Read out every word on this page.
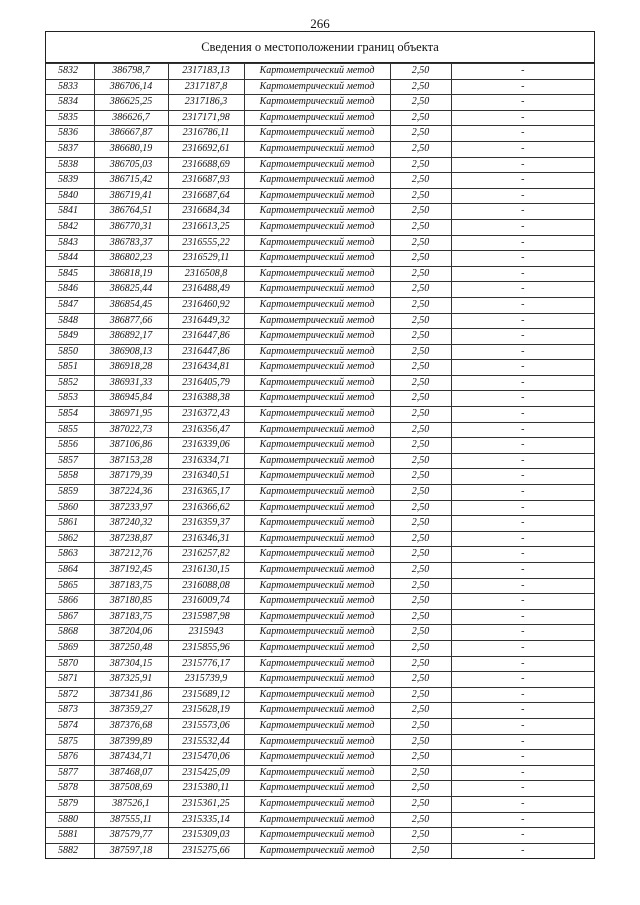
266
Сведения о местоположении границ объекта
5832	386798,7	2317183,13	Картометрический метод	2,50	-
5833	386706,14	2317187,8	Картометрический метод	2,50	-
5834	386625,25	2317186,3	Картометрический метод	2,50	-
5835	386626,7	2317171,98	Картометрический метод	2,50	-
5836	386667,87	2316786,11	Картометрический метод	2,50	-
5837	386680,19	2316692,61	Картометрический метод	2,50	-
5838	386705,03	2316688,69	Картометрический метод	2,50	-
5839	386715,42	2316687,93	Картометрический метод	2,50	-
5840	386719,41	2316687,64	Картометрический метод	2,50	-
5841	386764,51	2316684,34	Картометрический метод	2,50	-
5842	386770,31	2316613,25	Картометрический метод	2,50	-
5843	386783,37	2316555,22	Картометрический метод	2,50	-
5844	386802,23	2316529,11	Картометрический метод	2,50	-
5845	386818,19	2316508,8	Картометрический метод	2,50	-
5846	386825,44	2316488,49	Картометрический метод	2,50	-
5847	386854,45	2316460,92	Картометрический метод	2,50	-
5848	386877,66	2316449,32	Картометрический метод	2,50	-
5849	386892,17	2316447,86	Картометрический метод	2,50	-
5850	386908,13	2316447,86	Картометрический метод	2,50	-
5851	386918,28	2316434,81	Картометрический метод	2,50	-
5852	386931,33	2316405,79	Картометрический метод	2,50	-
5853	386945,84	2316388,38	Картометрический метод	2,50	-
5854	386971,95	2316372,43	Картометрический метод	2,50	-
5855	387022,73	2316356,47	Картометрический метод	2,50	-
5856	387106,86	2316339,06	Картометрический метод	2,50	-
5857	387153,28	2316334,71	Картометрический метод	2,50	-
5858	387179,39	2316340,51	Картометрический метод	2,50	-
5859	387224,36	2316365,17	Картометрический метод	2,50	-
5860	387233,97	2316366,62	Картометрический метод	2,50	-
5861	387240,32	2316359,37	Картометрический метод	2,50	-
5862	387238,87	2316346,31	Картометрический метод	2,50	-
5863	387212,76	2316257,82	Картометрический метод	2,50	-
5864	387192,45	2316130,15	Картометрический метод	2,50	-
5865	387183,75	2316088,08	Картометрический метод	2,50	-
5866	387180,85	2316009,74	Картометрический метод	2,50	-
5867	387183,75	2315987,98	Картометрический метод	2,50	-
5868	387204,06	2315943	Картометрический метод	2,50	-
5869	387250,48	2315855,96	Картометрический метод	2,50	-
5870	387304,15	2315776,17	Картометрический метод	2,50	-
5871	387325,91	2315739,9	Картометрический метод	2,50	-
5872	387341,86	2315689,12	Картометрический метод	2,50	-
5873	387359,27	2315628,19	Картометрический метод	2,50	-
5874	387376,68	2315573,06	Картометрический метод	2,50	-
5875	387399,89	2315532,44	Картометрический метод	2,50	-
5876	387434,71	2315470,06	Картометрический метод	2,50	-
5877	387468,07	2315425,09	Картометрический метод	2,50	-
5878	387508,69	2315380,11	Картометрический метод	2,50	-
5879	387526,1	2315361,25	Картометрический метод	2,50	-
5880	387555,11	2315335,14	Картометрический метод	2,50	-
5881	387579,77	2315309,03	Картометрический метод	2,50	-
5882	387597,18	2315275,66	Картометрический метод	2,50	-
